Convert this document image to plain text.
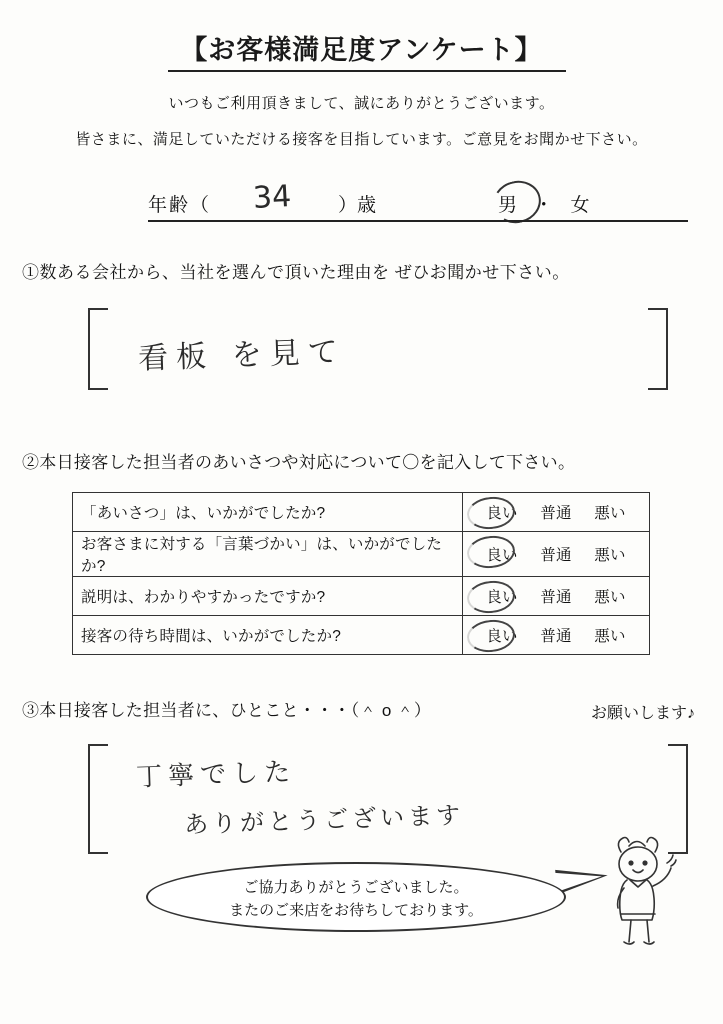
【お客様満足度アンケート】
いつもご利用頂きまして、誠にありがとうございます。
皆さまに、満足していただける接客を目指しています。ご意見をお聞かせ下さい。
年齢（ 34 ）歳	男 ・ 女
①数ある会社から、当社を選んで頂いた理由を ぜひお聞かせ下さい。
看板 を見て
②本日接客した担当者のあいさつや対応について〇を記入して下さい。
「あいさつ」は、いかがでしたか?	良い 普通 悪い
お客さまに対する「言葉づかい」は、いかがでしたか?	良い 普通 悪い
説明は、わかりやすかったですか?	良い 普通 悪い
接客の待ち時間は、いかがでしたか?	良い 普通 悪い
③本日接客した担当者に、ひとこと・・・（＾ o ＾）	お願いします♪
丁寧でした
ありがとうございます
ご協力ありがとうございました。
またのご来店をお待ちしております。
